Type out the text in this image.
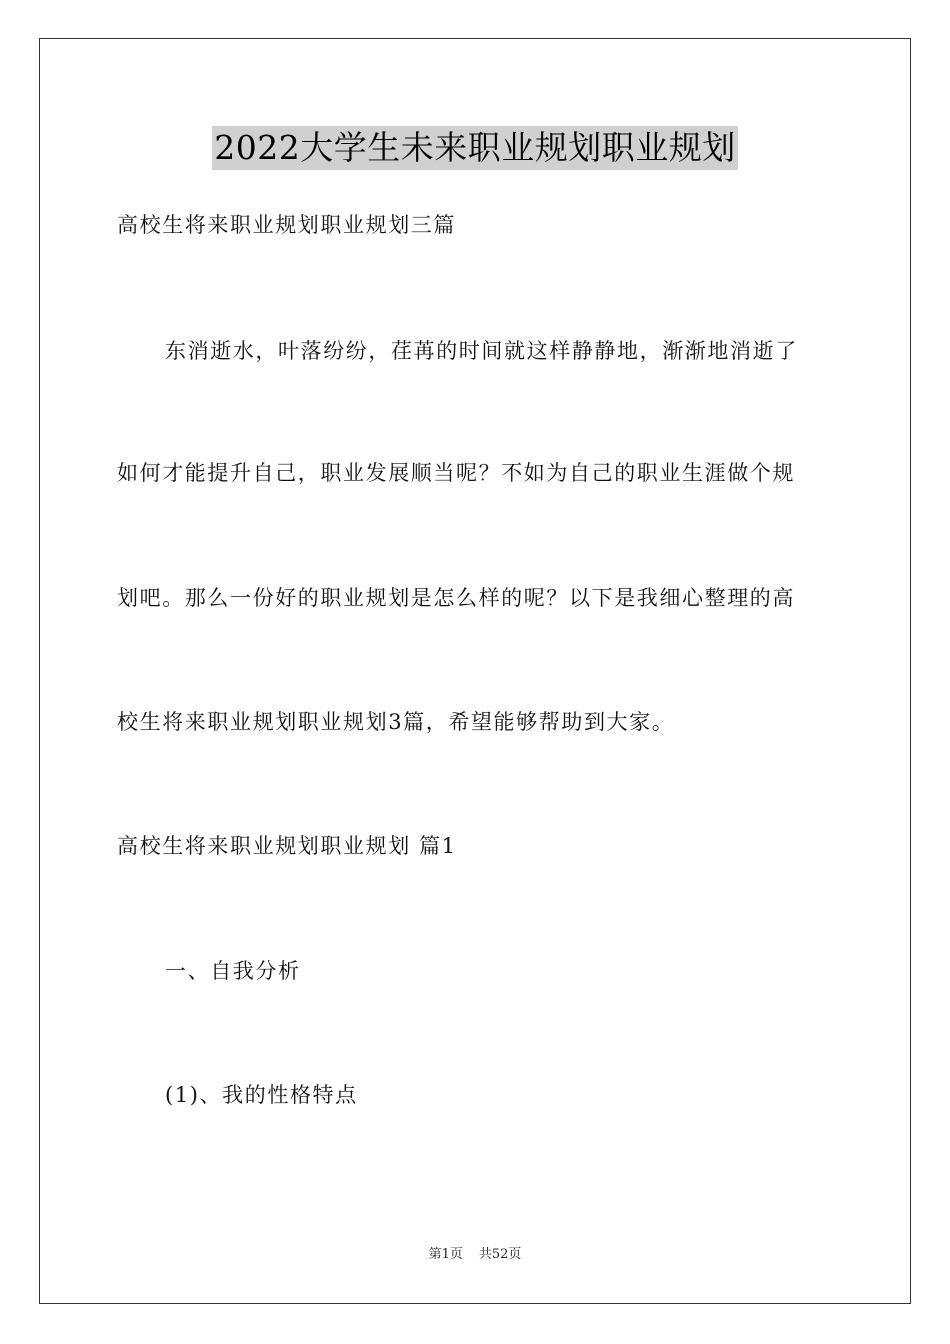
2022大学生未来职业规划职业规划
高校生将来职业规划职业规划三篇
东消逝水，叶落纷纷，荏苒的时间就这样静静地，渐渐地消逝了
如何才能提升自己，职业发展顺当呢？不如为自己的职业生涯做个规
划吧。那么一份好的职业规划是怎么样的呢？以下是我细心整理的高
校生将来职业规划职业规划3篇，希望能够帮助到大家。
高校生将来职业规划职业规划 篇1
一、自我分析
(1)、我的性格特点
第1页 共52页
